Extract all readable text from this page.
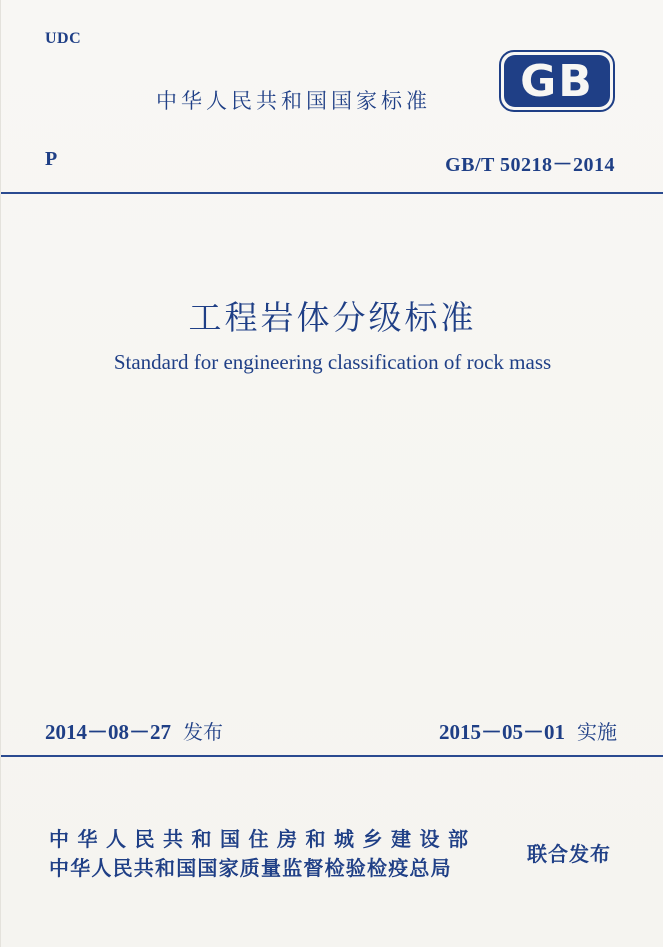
UDC
中华人民共和国国家标准 GB
P	GB/T 50218－2014
工程岩体分级标准
Standard for engineering classification of rock mass
2014－08－27 发布	2015－05－01 实施
中华人民共和国住房和城乡建设部
中华人民共和国国家质量监督检验检疫总局
联合发布
